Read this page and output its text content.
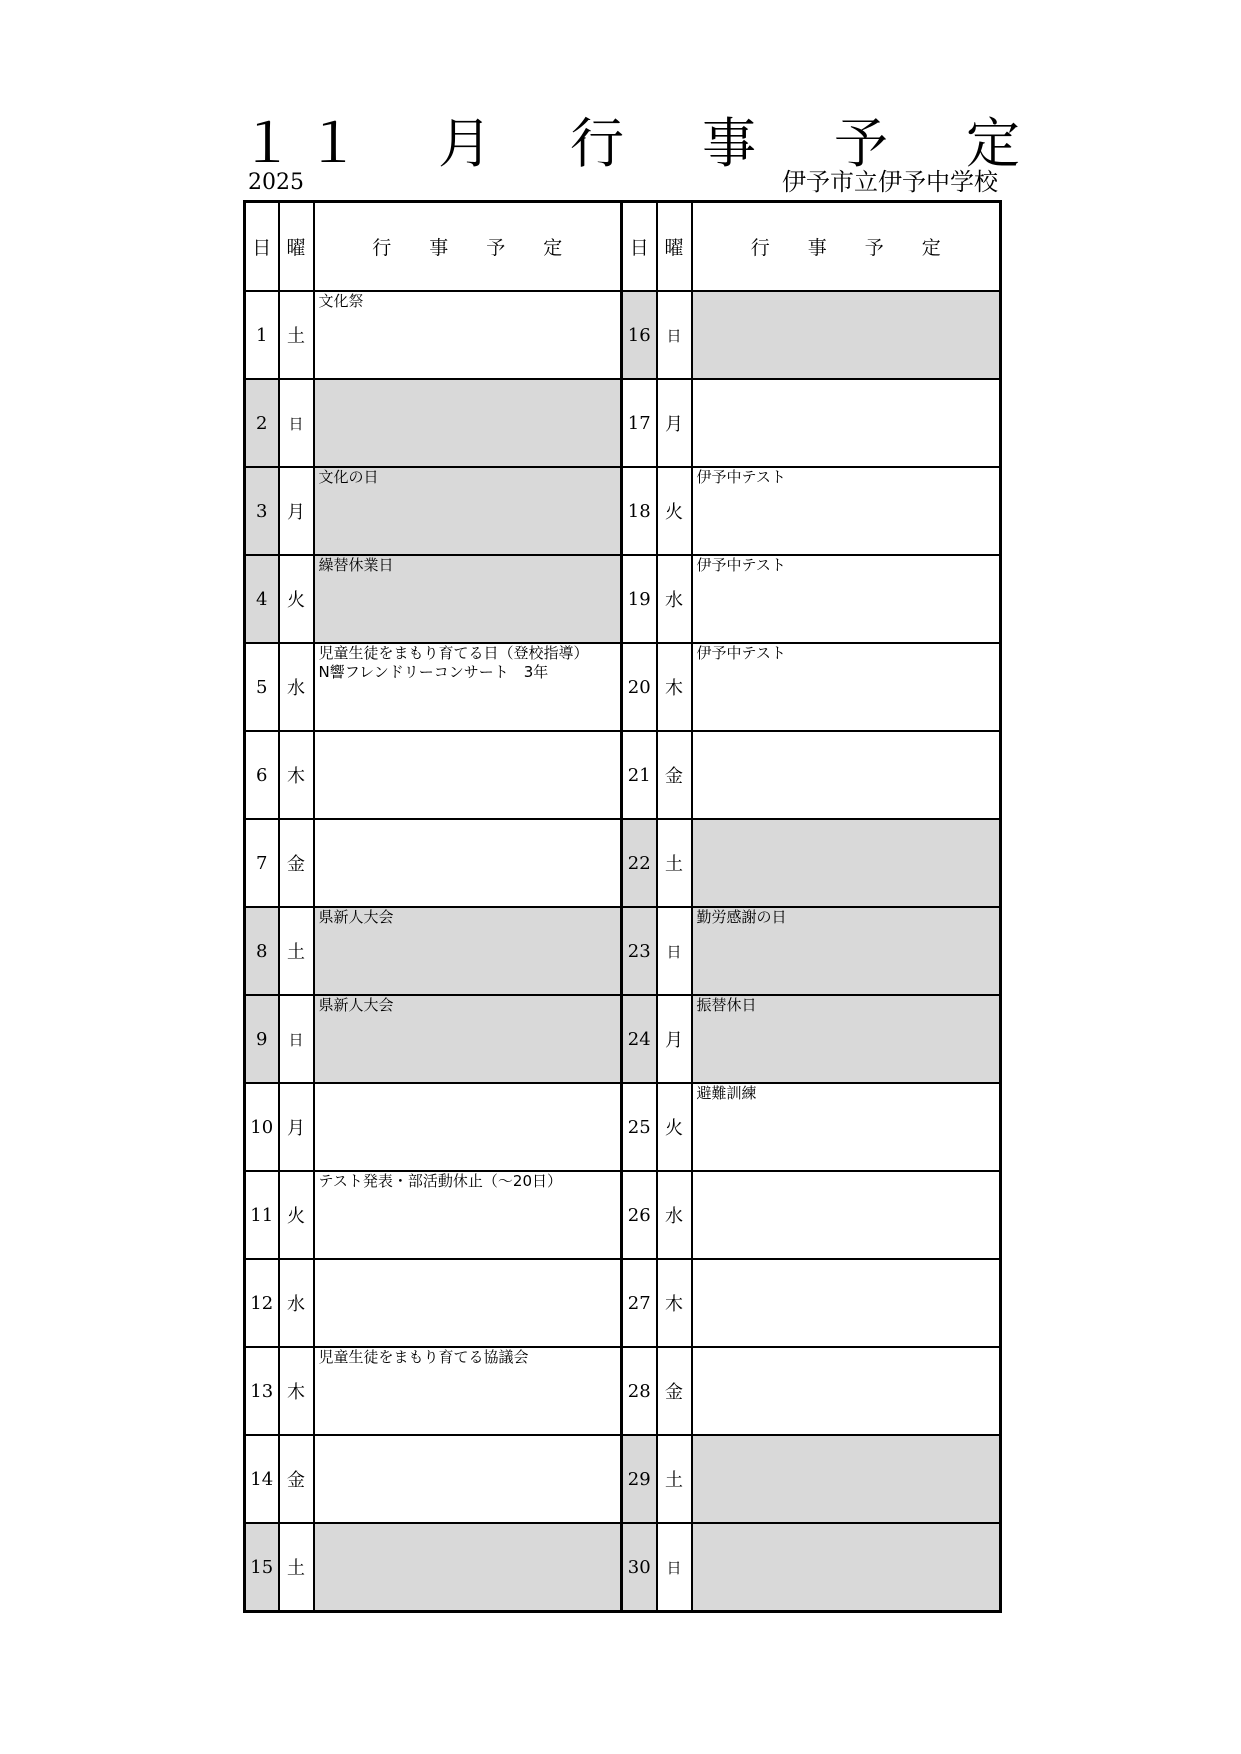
１１　月　行　事　予　定
2025	伊予市立伊予中学校
日	曜	行　　事　　予　　定	日	曜	行　　事　　予　　定
1	土	文化祭	16	日	
2	日		17	月	
3	月	文化の日	18	火	伊予中テスト
4	火	繰替休業日	19	水	伊予中テスト
5	水	児童生徒をまもり育てる日（登校指導）
N響フレンドリーコンサート　3年	20	木	伊予中テスト
6	木		21	金	
7	金		22	土	
8	土	県新人大会	23	日	勤労感謝の日
9	日	県新人大会	24	月	振替休日
10	月		25	火	避難訓練
11	火	テスト発表・部活動休止（～20日）	26	水	
12	水		27	木	
13	木	児童生徒をまもり育てる協議会	28	金	
14	金		29	土	
15	土		30	日	
